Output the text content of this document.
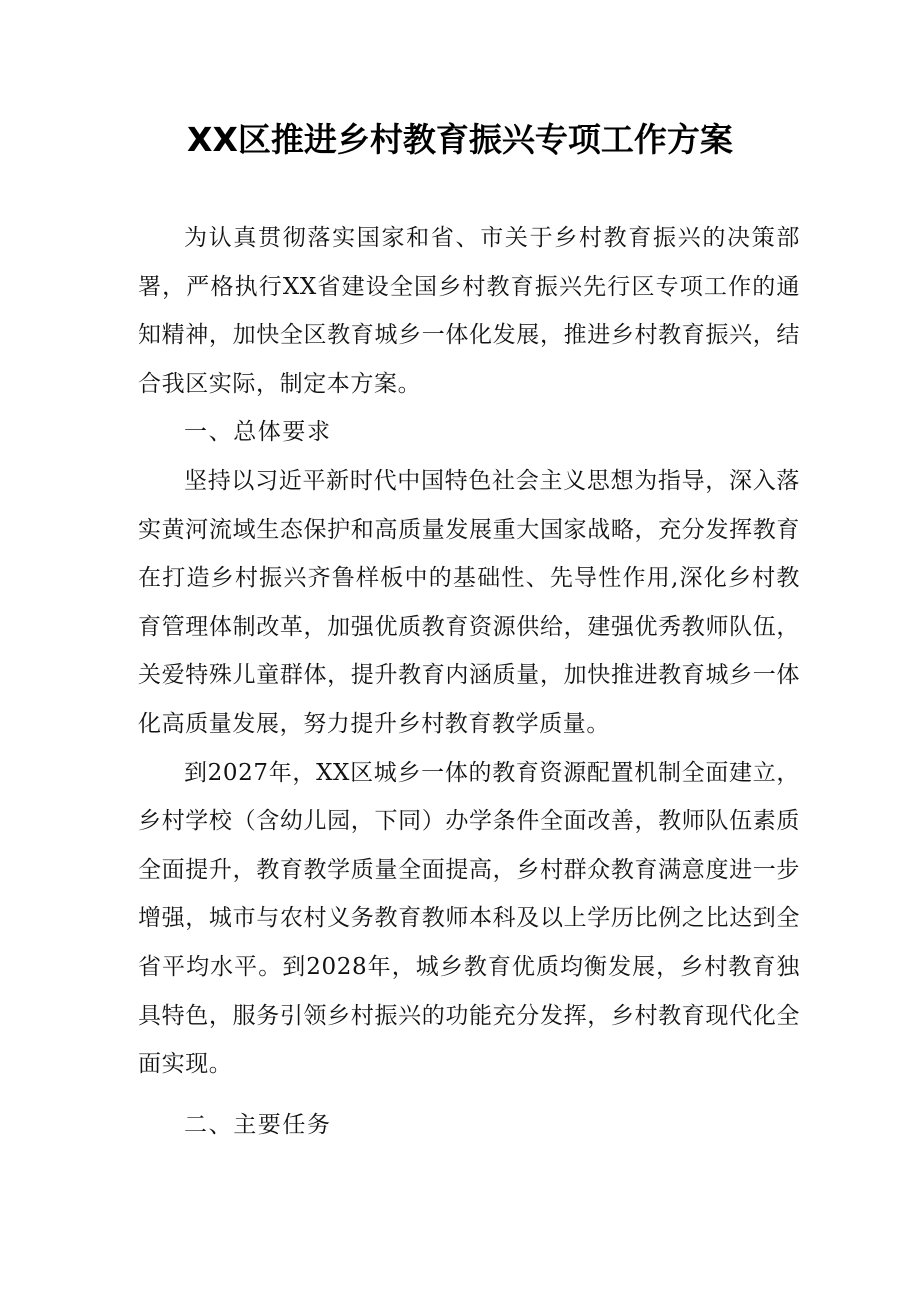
XX区推进乡村教育振兴专项工作方案

为认真贯彻落实国家和省、市关于乡村教育振兴的决策部署，严格执行XX省建设全国乡村教育振兴先行区专项工作的通知精神，加快全区教育城乡一体化发展，推进乡村教育振兴，结合我区实际，制定本方案。

一、总体要求

坚持以习近平新时代中国特色社会主义思想为指导，深入落实黄河流域生态保护和高质量发展重大国家战略，充分发挥教育在打造乡村振兴齐鲁样板中的基础性、先导性作用,深化乡村教育管理体制改革，加强优质教育资源供给，建强优秀教师队伍，关爱特殊儿童群体，提升教育内涵质量，加快推进教育城乡一体化高质量发展，努力提升乡村教育教学质量。

到2027年，XX区城乡一体的教育资源配置机制全面建立，乡村学校（含幼儿园，下同）办学条件全面改善，教师队伍素质全面提升，教育教学质量全面提高，乡村群众教育满意度进一步增强，城市与农村义务教育教师本科及以上学历比例之比达到全省平均水平。到2028年，城乡教育优质均衡发展，乡村教育独具特色，服务引领乡村振兴的功能充分发挥，乡村教育现代化全面实现。

二、主要任务
